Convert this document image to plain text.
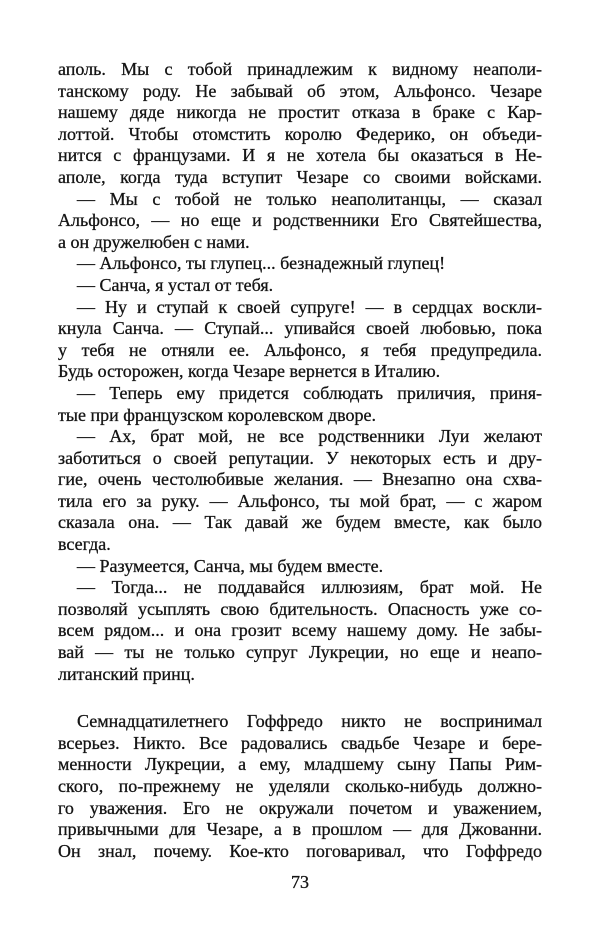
аполь. Мы с тобой принадлежим к видному неаполи-
танскому роду. Не забывай об этом, Альфонсо. Чезаре
нашему дяде никогда не простит отказа в браке с Кар-
лоттой. Чтобы отомстить королю Федерико, он объеди-
нится с французами. И я не хотела бы оказаться в Не-
аполе, когда туда вступит Чезаре со своими войсками.
— Мы с тобой не только неаполитанцы, — сказал
Альфонсо, — но еще и родственники Его Святейшества,
а он дружелюбен с нами.
— Альфонсо, ты глупец... безнадежный глупец!
— Санча, я устал от тебя.
— Ну и ступай к своей супруге! — в сердцах воскли-
кнула Санча. — Ступай... упивайся своей любовью, пока
у тебя не отняли ее. Альфонсо, я тебя предупредила.
Будь осторожен, когда Чезаре вернется в Италию.
— Теперь ему придется соблюдать приличия, приня-
тые при французском королевском дворе.
— Ах, брат мой, не все родственники Луи желают
заботиться о своей репутации. У некоторых есть и дру-
гие, очень честолюбивые желания. — Внезапно она схва-
тила его за руку. — Альфонсо, ты мой брат, — с жаром
сказала она. — Так давай же будем вместе, как было
всегда.
— Разумеется, Санча, мы будем вместе.
— Тогда... не поддавайся иллюзиям, брат мой. Не
позволяй усыплять свою бдительность. Опасность уже со-
всем рядом... и она грозит всему нашему дому. Не забы-
вай — ты не только супруг Лукреции, но еще и неапо-
литанский принц.
Семнадцатилетнего Гоффредо никто не воспринимал
всерьез. Никто. Все радовались свадьбе Чезаре и бере-
менности Лукреции, а ему, младшему сыну Папы Рим-
ского, по-прежнему не уделяли сколько-нибудь должно-
го уважения. Его не окружали почетом и уважением,
привычными для Чезаре, а в прошлом — для Джованни.
Он знал, почему. Кое-кто поговаривал, что Гоффредо
73
